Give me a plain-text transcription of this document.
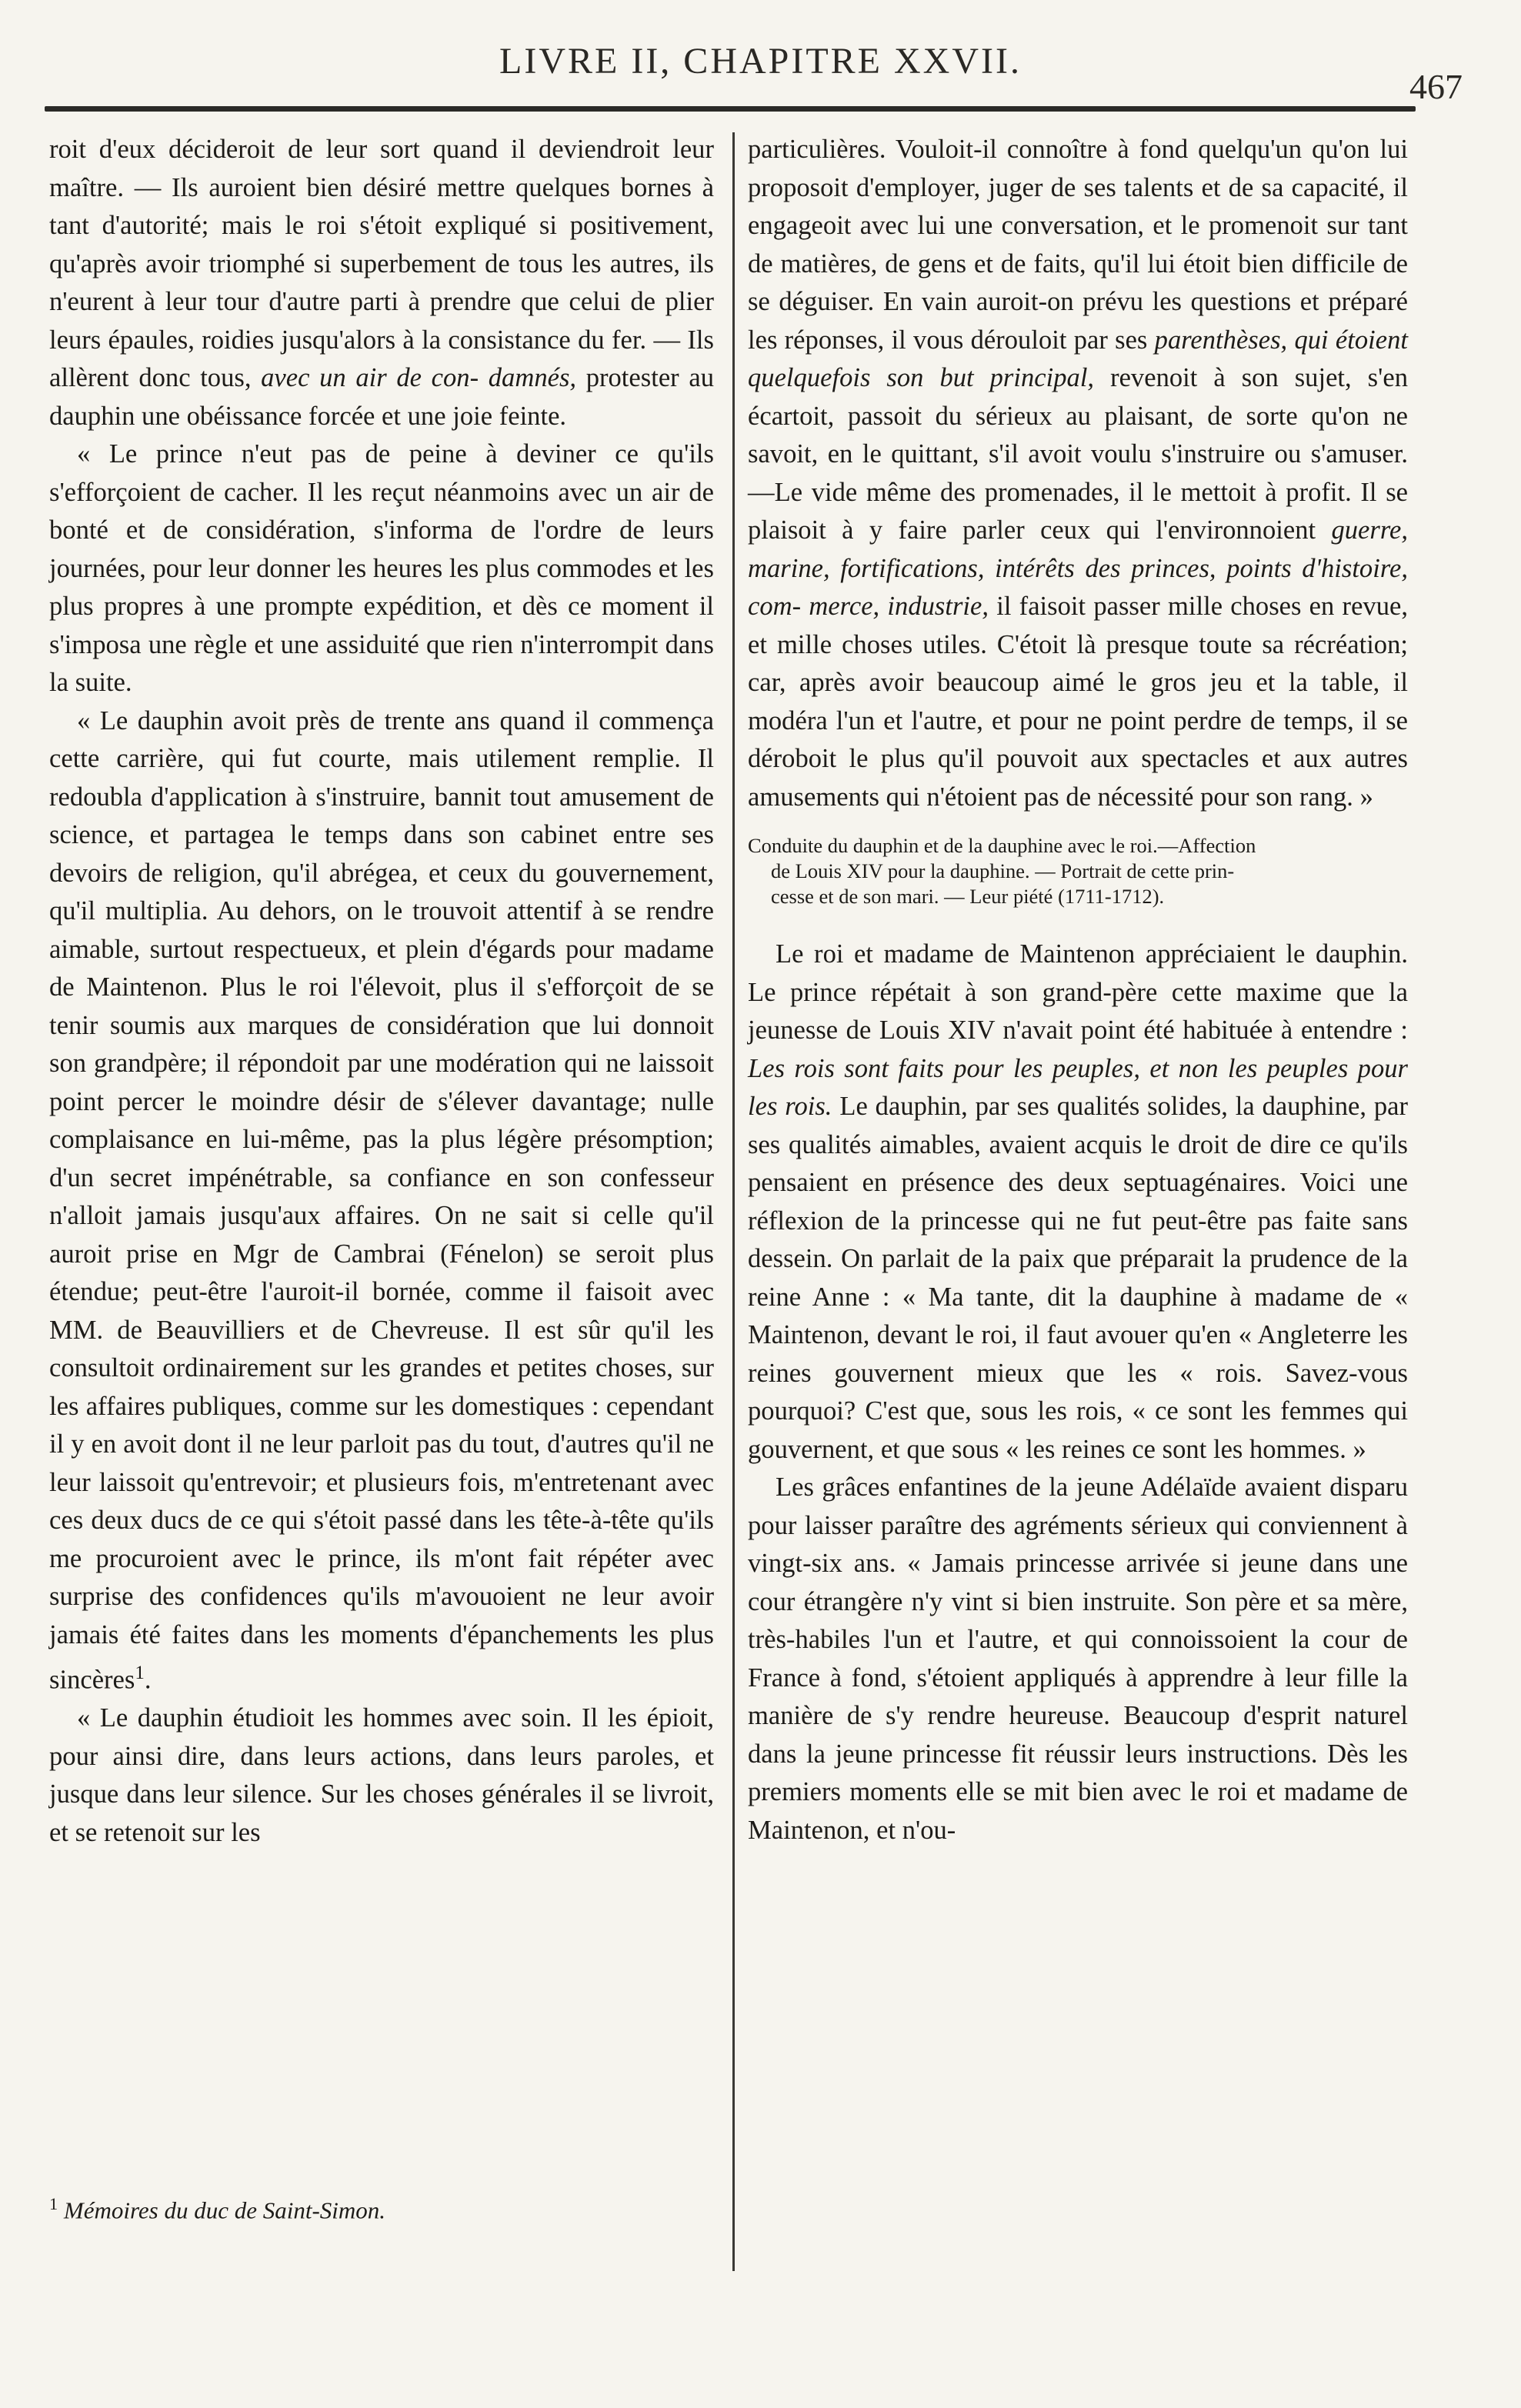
LIVRE II, CHAPITRE XXVII.
467

roit d'eux décideroit de leur sort quand il deviendroit leur maître. — Ils auroient bien désiré mettre quelques bornes à tant d'autorité; mais le roi s'étoit expliqué si positivement, qu'après avoir triomphé si superbement de tous les autres, ils n'eurent à leur tour d'autre parti à prendre que celui de plier leurs épaules, roidies jusqu'alors à la consistance du fer. — Ils allèrent donc tous, avec un air de con- damnés, protester au dauphin une obéissance forcée et une joie feinte.

« Le prince n'eut pas de peine à deviner ce qu'ils s'efforçoient de cacher. Il les reçut néanmoins avec un air de bonté et de considération, s'informa de l'ordre de leurs journées, pour leur donner les heures les plus commodes et les plus propres à une prompte expédition, et dès ce moment il s'imposa une règle et une assiduité que rien n'interrompit dans la suite.

« Le dauphin avoit près de trente ans quand il commença cette carrière, qui fut courte, mais utilement remplie. Il redoubla d'application à s'instruire, bannit tout amusement de science, et partagea le temps dans son cabinet entre ses devoirs de religion, qu'il abrégea, et ceux du gouvernement, qu'il multiplia. Au dehors, on le trouvoit attentif à se rendre aimable, surtout respectueux, et plein d'égards pour madame de Maintenon. Plus le roi l'élevoit, plus il s'efforçoit de se tenir soumis aux marques de considération que lui donnoit son grandpère; il répondoit par une modération qui ne laissoit point percer le moindre désir de s'élever davantage; nulle complaisance en lui-même, pas la plus légère présomption; d'un secret impénétrable, sa confiance en son confesseur n'alloit jamais jusqu'aux affaires. On ne sait si celle qu'il auroit prise en Mgr de Cambrai (Fénelon) se seroit plus étendue; peut-être l'auroit-il bornée, comme il faisoit avec MM. de Beauvilliers et de Chevreuse. Il est sûr qu'il les consultoit ordinairement sur les grandes et petites choses, sur les affaires publiques, comme sur les domestiques : cependant il y en avoit dont il ne leur parloit pas du tout, d'autres qu'il ne leur laissoit qu'entrevoir; et plusieurs fois, m'entretenant avec ces deux ducs de ce qui s'étoit passé dans les tête-à-tête qu'ils me procuroient avec le prince, ils m'ont fait répéter avec surprise des confidences qu'ils m'avouoient ne leur avoir jamais été faites dans les moments d'épanchements les plus sincères$^1$.

« Le dauphin étudioit les hommes avec soin. Il les épioit, pour ainsi dire, dans leurs actions, dans leurs paroles, et jusque dans leur silence. Sur les choses générales il se livroit, et se retenoit sur les

$^1$ Mémoires du duc de Saint-Simon.

particulières. Vouloit-il connoître à fond quelqu'un qu'on lui proposoit d'employer, juger de ses talents et de sa capacité, il engageoit avec lui une conversation, et le promenoit sur tant de matières, de gens et de faits, qu'il lui étoit bien difficile de se déguiser. En vain auroit-on prévu les questions et préparé les réponses, il vous dérouloit par ses parenthèses, qui étoient quelquefois son but principal, revenoit à son sujet, s'en écartoit, passoit du sérieux au plaisant, de sorte qu'on ne savoit, en le quittant, s'il avoit voulu s'instruire ou s'amuser.—Le vide même des promenades, il le mettoit à profit. Il se plaisoit à y faire parler ceux qui l'environnoient guerre, marine, fortifications, intérêts des princes, points d'histoire, com- merce, industrie, il faisoit passer mille choses en revue, et mille choses utiles. C'étoit là presque toute sa récréation; car, après avoir beaucoup aimé le gros jeu et la table, il modéra l'un et l'autre, et pour ne point perdre de temps, il se déroboit le plus qu'il pouvoit aux spectacles et aux autres amusements qui n'étoient pas de nécessité pour son rang. »

Conduite du dauphin et de la dauphine avec le roi.—Affection
de Louis XIV pour la dauphine. — Portrait de cette prin-
cesse et de son mari. — Leur piété (1711-1712).

Le roi et madame de Maintenon appréciaient le dauphin. Le prince répétait à son grand-père cette maxime que la jeunesse de Louis XIV n'avait point été habituée à entendre : Les rois sont faits pour les peuples, et non les peuples pour les rois. Le dauphin, par ses qualités solides, la dauphine, par ses qualités aimables, avaient acquis le droit de dire ce qu'ils pensaient en présence des deux septuagénaires. Voici une réflexion de la princesse qui ne fut peut-être pas faite sans dessein. On parlait de la paix que préparait la prudence de la reine Anne : « Ma tante, dit la dauphine à madame de « Maintenon, devant le roi, il faut avouer qu'en « Angleterre les reines gouvernent mieux que les « rois. Savez-vous pourquoi? C'est que, sous les rois, « ce sont les femmes qui gouvernent, et que sous « les reines ce sont les hommes. »

Les grâces enfantines de la jeune Adélaïde avaient disparu pour laisser paraître des agréments sérieux qui conviennent à vingt-six ans. « Jamais princesse arrivée si jeune dans une cour étrangère n'y vint si bien instruite. Son père et sa mère, très-habiles l'un et l'autre, et qui connoissoient la cour de France à fond, s'étoient appliqués à apprendre à leur fille la manière de s'y rendre heureuse. Beaucoup d'esprit naturel dans la jeune princesse fit réussir leurs instructions. Dès les premiers moments elle se mit bien avec le roi et madame de Maintenon, et n'ou-
